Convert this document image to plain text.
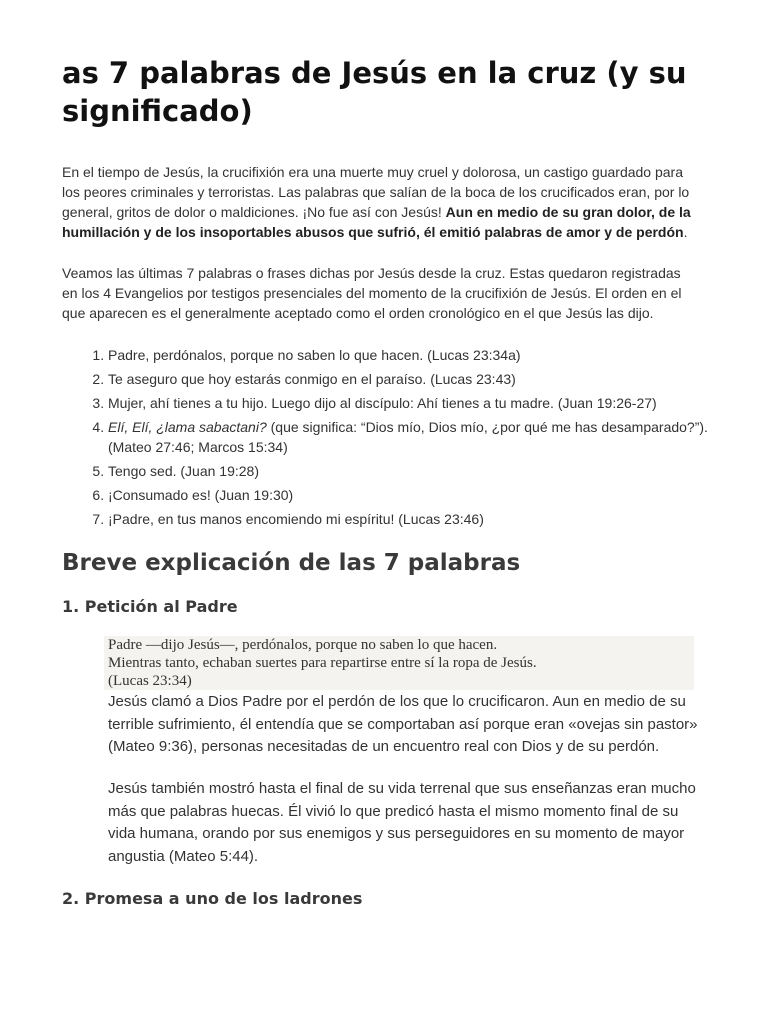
as 7 palabras de Jesús en la cruz (y su significado)

En el tiempo de Jesús, la crucifixión era una muerte muy cruel y dolorosa, un castigo guardado para los peores criminales y terroristas. Las palabras que salían de la boca de los crucificados eran, por lo general, gritos de dolor o maldiciones. ¡No fue así con Jesús! Aun en medio de su gran dolor, de la humillación y de los insoportables abusos que sufrió, él emitió palabras de amor y de perdón.

Veamos las últimas 7 palabras o frases dichas por Jesús desde la cruz. Estas quedaron registradas en los 4 Evangelios por testigos presenciales del momento de la crucifixión de Jesús. El orden en el que aparecen es el generalmente aceptado como el orden cronológico en el que Jesús las dijo.

1. Padre, perdónalos, porque no saben lo que hacen. (Lucas 23:34a)
2. Te aseguro que hoy estarás conmigo en el paraíso. (Lucas 23:43)
3. Mujer, ahí tienes a tu hijo. Luego dijo al discípulo: Ahí tienes a tu madre. (Juan 19:26-27)
4. Elí, Elí, ¿lama sabactani? (que significa: “Dios mío, Dios mío, ¿por qué me has desamparado?”). (Mateo 27:46; Marcos 15:34)
5. Tengo sed. (Juan 19:28)
6. ¡Consumado es! (Juan 19:30)
7. ¡Padre, en tus manos encomiendo mi espíritu! (Lucas 23:46)
Breve explicación de las 7 palabras
1. Petición al Padre
Padre —dijo Jesús—, perdónalos, porque no saben lo que hacen.
Mientras tanto, echaban suertes para repartirse entre sí la ropa de Jesús.
(Lucas 23:34)

Jesús clamó a Dios Padre por el perdón de los que lo crucificaron. Aun en medio de su terrible sufrimiento, él entendía que se comportaban así porque eran «ovejas sin pastor» (Mateo 9:36), personas necesitadas de un encuentro real con Dios y de su perdón.

Jesús también mostró hasta el final de su vida terrenal que sus enseñanzas eran mucho más que palabras huecas. Él vivió lo que predicó hasta el mismo momento final de su vida humana, orando por sus enemigos y sus perseguidores en su momento de mayor angustia (Mateo 5:44).

2. Promesa a uno de los ladrones
